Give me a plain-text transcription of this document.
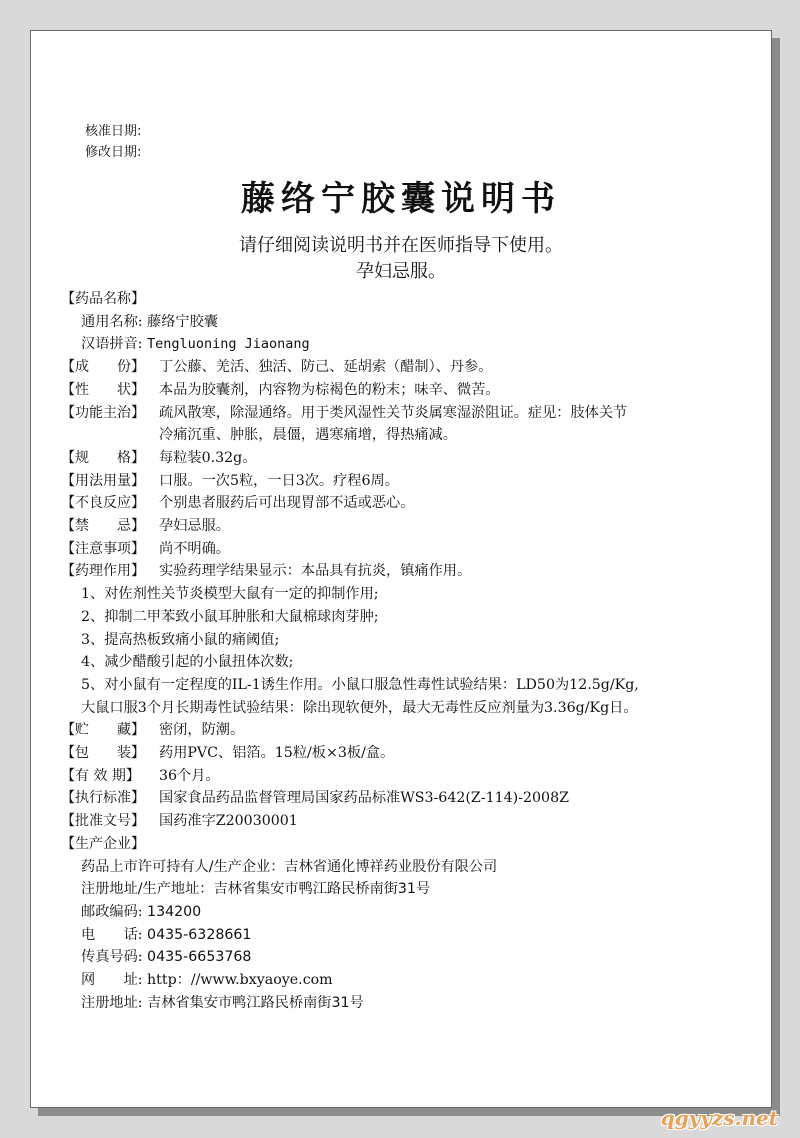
核准日期:
修改日期:
藤络宁胶囊说明书
请仔细阅读说明书并在医师指导下使用。
孕妇忌服。
【药品名称】
通用名称: 藤络宁胶囊
汉语拼音: Tengluoning Jiaonang
【成　　份】 丁公藤、羌活、独活、防己、延胡索（醋制）、丹参。
【性　　状】 本品为胶囊剂，内容物为棕褐色的粉末；味辛、微苦。
【功能主治】 疏风散寒，除湿通络。用于类风湿性关节炎属寒湿淤阻证。症见：肢体关节
冷痛沉重、肿胀，晨僵，遇寒痛增，得热痛减。
【规　　格】 每粒装0.32g。
【用法用量】 口服。一次5粒，一日3次。疗程6周。
【不良反应】 个别患者服药后可出现胃部不适或恶心。
【禁　　忌】 孕妇忌服。
【注意事项】 尚不明确。
【药理作用】 实验药理学结果显示：本品具有抗炎，镇痛作用。
1、对佐剂性关节炎模型大鼠有一定的抑制作用;
2、抑制二甲苯致小鼠耳肿胀和大鼠棉球肉芽肿;
3、提高热板致痛小鼠的痛阈值;
4、减少醋酸引起的小鼠扭体次数;
5、对小鼠有一定程度的IL-1诱生作用。小鼠口服急性毒性试验结果：LD50为12.5g/Kg,
大鼠口服3个月长期毒性试验结果：除出现软便外，最大无毒性反应剂量为3.36g/Kg日。
【贮　　藏】 密闭，防潮。
【包　　装】 药用PVC、铝箔。15粒/板×3板/盒。
【有 效 期】 36个月。
【执行标准】 国家食品药品监督管理局国家药品标准WS3-642(Z-114)-2008Z
【批准文号】 国药准字Z20030001
【生产企业】
药品上市许可持有人/生产企业：吉林省通化博祥药业股份有限公司
注册地址/生产地址：吉林省集安市鸭江路民桥南街31号
邮政编码: 134200
电　　话: 0435-6328661
传真号码: 0435-6653768
网　　址: http：//www.bxyaoye.com
注册地址: 吉林省集安市鸭江路民桥南街31号
qgyyzs.net
